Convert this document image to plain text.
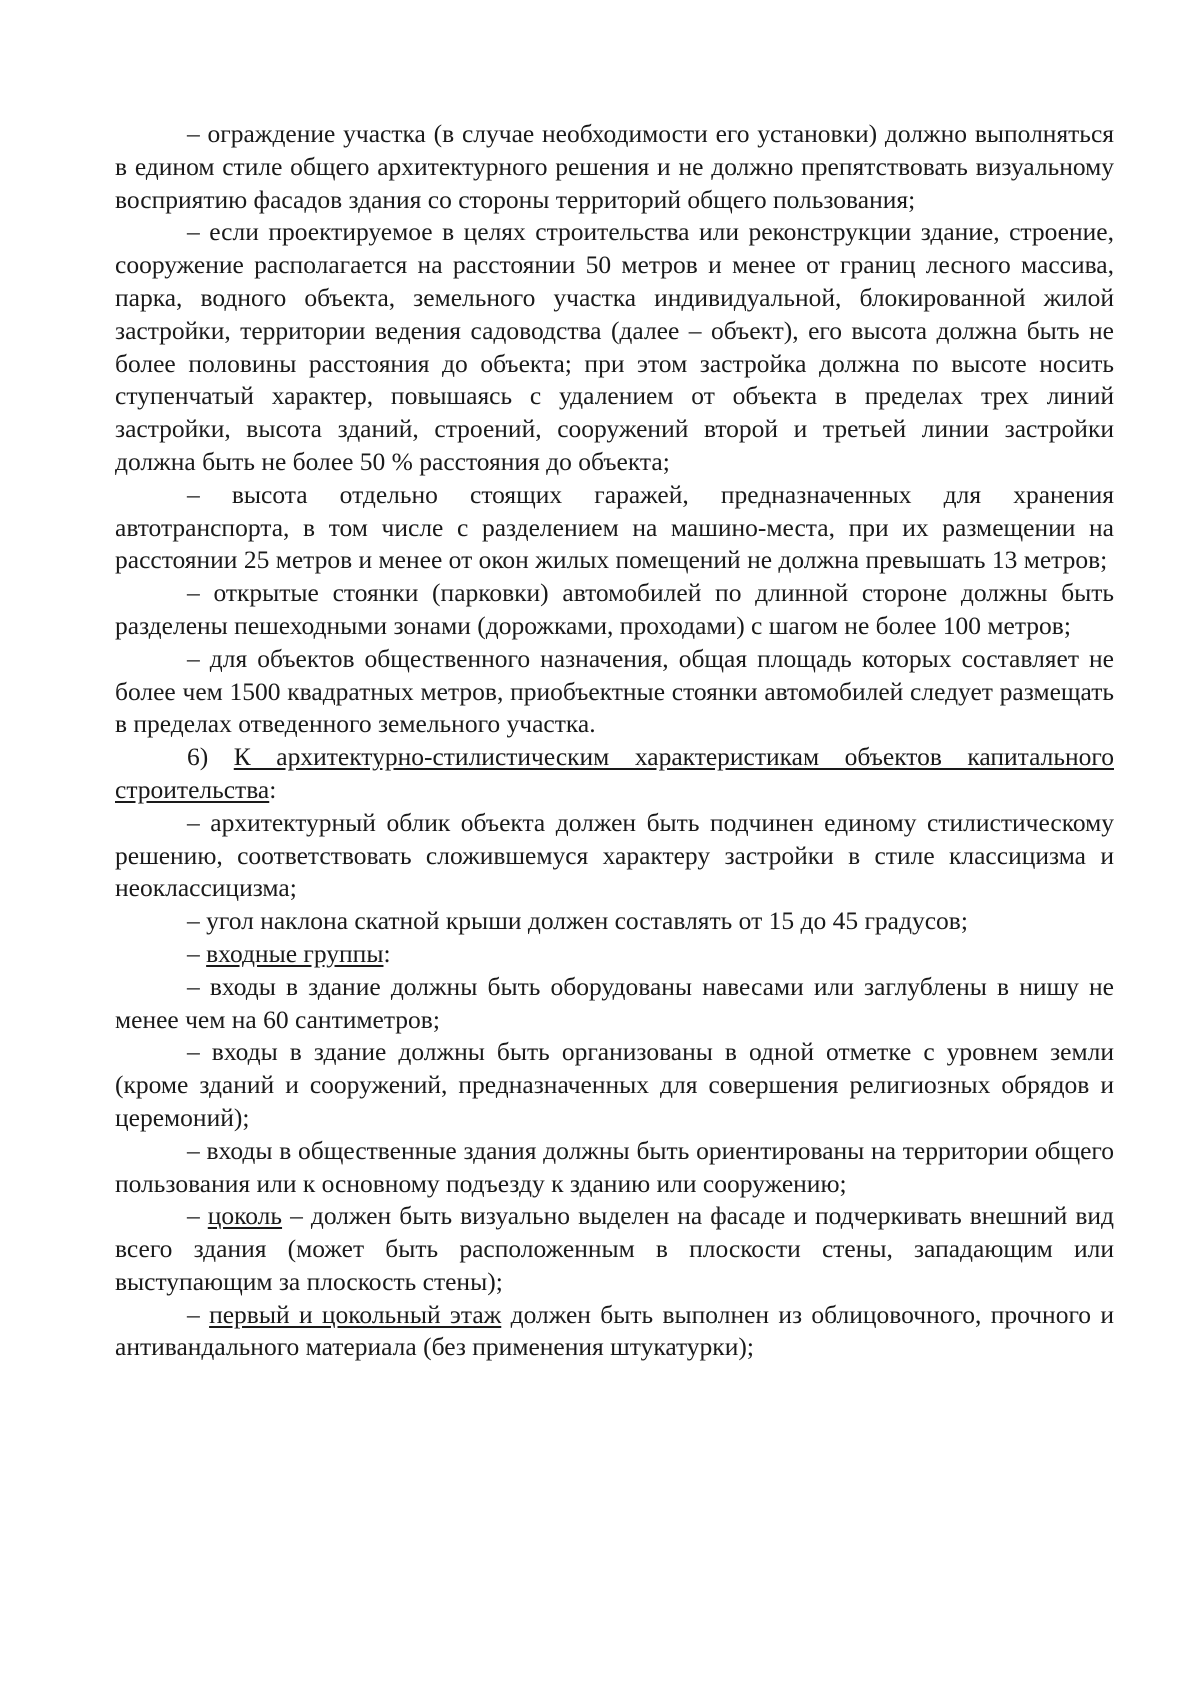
– ограждение участка (в случае необходимости его установки) должно выполняться в едином стиле общего архитектурного решения и не должно препятствовать визуальному восприятию фасадов здания со стороны территорий общего пользования;

– если проектируемое в целях строительства или реконструкции здание, строение, сооружение располагается на расстоянии 50 метров и менее от границ лесного массива, парка, водного объекта, земельного участка индивидуальной, блокированной жилой застройки, территории ведения садоводства (далее – объект), его высота должна быть не более половины расстояния до объекта; при этом застройка должна по высоте носить ступенчатый характер, повышаясь с удалением от объекта в пределах трех линий застройки, высота зданий, строений, сооружений второй и третьей линии застройки должна быть не более 50 % расстояния до объекта;

– высота отдельно стоящих гаражей, предназначенных для хранения автотранспорта, в том числе с разделением на машино-места, при их размещении на расстоянии 25 метров и менее от окон жилых помещений не должна превышать 13 метров;

– открытые стоянки (парковки) автомобилей по длинной стороне должны быть разделены пешеходными зонами (дорожками, проходами) с шагом не более 100 метров;

– для объектов общественного назначения, общая площадь которых составляет не более чем 1500 квадратных метров, приобъектные стоянки автомобилей следует размещать в пределах отведенного земельного участка.

6) К архитектурно-стилистическим характеристикам объектов капитального строительства:

– архитектурный облик объекта должен быть подчинен единому стилистическому решению, соответствовать сложившемуся характеру застройки в стиле классицизма и неоклассицизма;

– угол наклона скатной крыши должен составлять от 15 до 45 градусов;

– входные группы:

– входы в здание должны быть оборудованы навесами или заглублены в нишу не менее чем на 60 сантиметров;

– входы в здание должны быть организованы в одной отметке с уровнем земли (кроме зданий и сооружений, предназначенных для совершения религиозных обрядов и церемоний);

– входы в общественные здания должны быть ориентированы на территории общего пользования или к основному подъезду к зданию или сооружению;

– цоколь – должен быть визуально выделен на фасаде и подчеркивать внешний вид всего здания (может быть расположенным в плоскости стены, западающим или выступающим за плоскость стены);

– первый и цокольный этаж должен быть выполнен из облицовочного, прочного и антивандального материала (без применения штукатурки);
